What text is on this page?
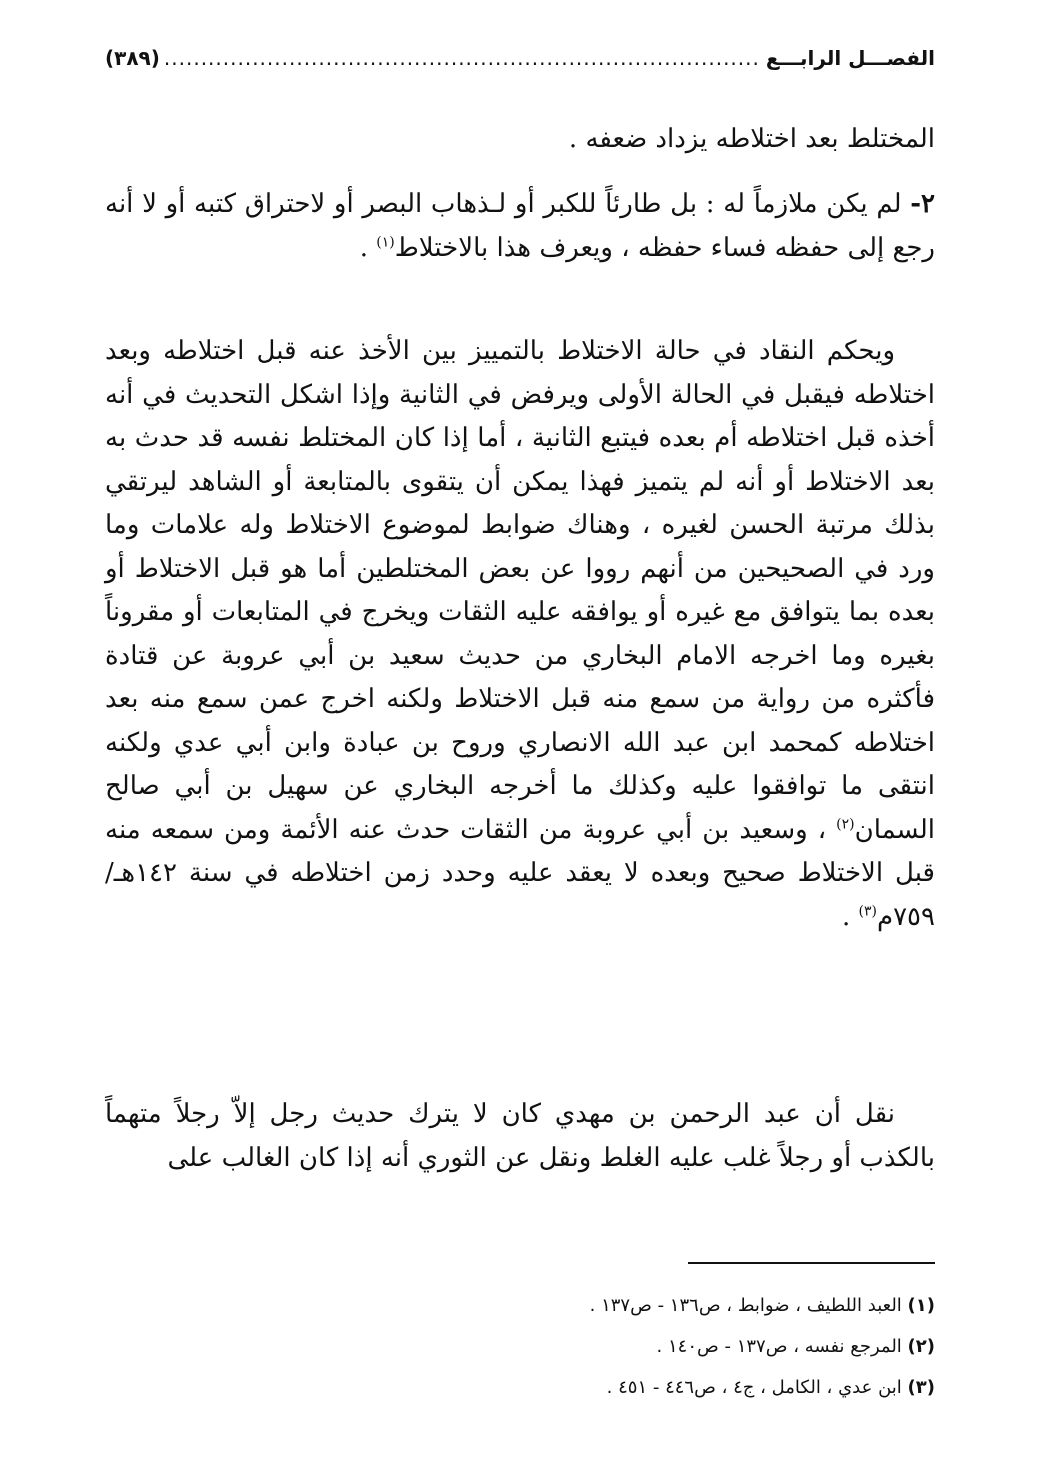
الفصـــل الرابـــع
.....
(٣٨٩)
المختلط بعد اختلاطه يزداد ضعفه .
٢- لم يكن ملازماً له : بل طارئاً للكبر أو لـذهاب البصر أو لاحتراق كتبه أو لا أنه رجع إلى حفظه فساء حفظه ، ويعرف هذا بالاختلاط$^{(١)}$ .
ويحكم النقاد في حالة الاختلاط بالتمييز بين الأخذ عنه قبل اختلاطه وبعد اختلاطه فيقبل في الحالة الأولى ويرفض في الثانية وإذا اشكل التحديث في أنه أخذه قبل اختلاطه أم بعده فيتبع الثانية ، أما إذا كان المختلط نفسه قد حدث به بعد الاختلاط أو أنه لم يتميز فهذا يمكن أن يتقوى بالمتابعة أو الشاهد ليرتقي بذلك مرتبة الحسن لغيره ، وهناك ضوابط لموضوع الاختلاط وله علامات وما ورد في الصحيحين من أنهم رووا عن بعض المختلطين أما هو قبل الاختلاط أو بعده بما يتوافق مع غيره أو يوافقه عليه الثقات ويخرج في المتابعات أو مقروناً بغيره وما اخرجه الامام البخاري من حديث سعيد بن أبي عروبة عن قتادة فأكثره من رواية من سمع منه قبل الاختلاط ولكنه اخرج عمن سمع منه بعد اختلاطه كمحمد ابن عبد الله الانصاري وروح بن عبادة وابن أبي عدي ولكنه انتقى ما توافقوا عليه وكذلك ما أخرجه البخاري عن سهيل بن أبي صالح السمان$^{(٢)}$ ، وسعيد بن أبي عروبة من الثقات حدث عنه الأئمة ومن سمعه منه قبل الاختلاط صحيح وبعده لا يعقد عليه وحدد زمن اختلاطه في سنة ١٤٢هـ/٧٥٩م$^{(٣)}$ .
نقل أن عبد الرحمن بن مهدي كان لا يترك حديث رجل إلاّ رجلاً متهماً بالكذب أو رجلاً غلب عليه الغلط ونقل عن الثوري أنه إذا كان الغالب على
(١) العبد اللطيف ، ضوابط ، ص١٣٦ - ص١٣٧ .
(٢) المرجع نفسه ، ص١٣٧ - ص١٤٠ .
(٣) ابن عدي ، الكامل ، ج٤ ، ص٤٤٦ - ٤٥١ .
